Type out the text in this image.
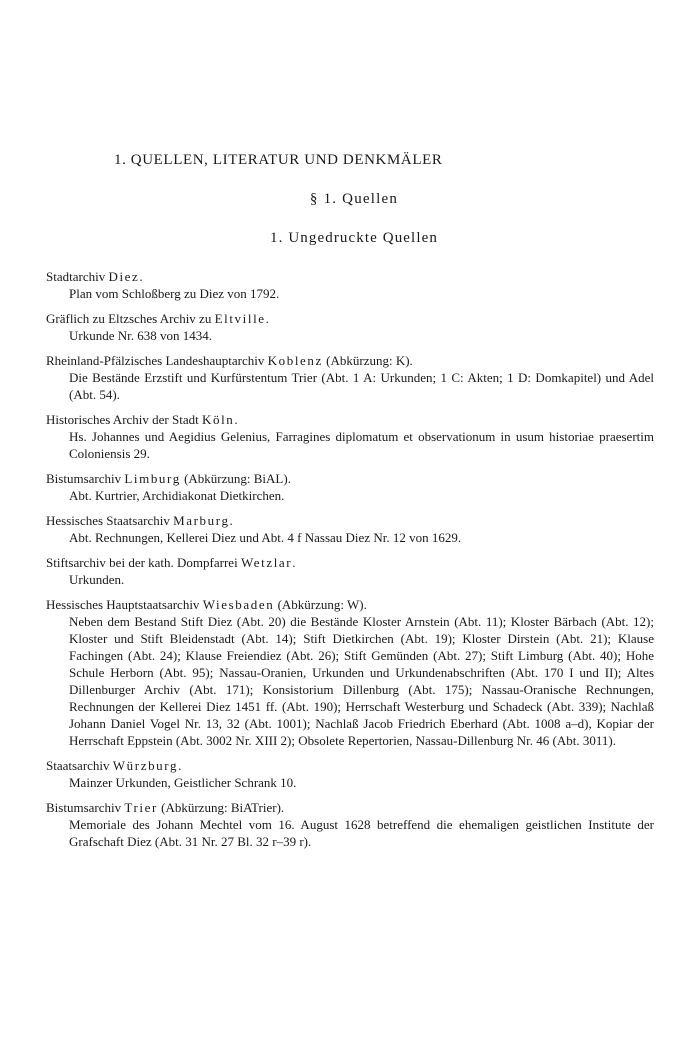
1. QUELLEN, LITERATUR UND DENKMÄLER
§ 1. Quellen
1. Ungedruckte Quellen
Stadtarchiv Diez.
Plan vom Schloßberg zu Diez von 1792.
Gräflich zu Eltzsches Archiv zu Eltville.
Urkunde Nr. 638 von 1434.
Rheinland-Pfälzisches Landeshauptarchiv Koblenz (Abkürzung: K).
Die Bestände Erzstift und Kurfürstentum Trier (Abt. 1 A: Urkunden; 1 C: Akten; 1 D: Domkapitel) und Adel (Abt. 54).
Historisches Archiv der Stadt Köln.
Hs. Johannes und Aegidius Gelenius, Farragines diplomatum et observationum in usum historiae praesertim Coloniensis 29.
Bistumsarchiv Limburg (Abkürzung: BiAL).
Abt. Kurtrier, Archidiakonat Dietkirchen.
Hessisches Staatsarchiv Marburg.
Abt. Rechnungen, Kellerei Diez und Abt. 4 f Nassau Diez Nr. 12 von 1629.
Stiftsarchiv bei der kath. Dompfarrei Wetzlar.
Urkunden.
Hessisches Hauptstaatsarchiv Wiesbaden (Abkürzung: W).
Neben dem Bestand Stift Diez (Abt. 20) die Bestände Kloster Arnstein (Abt. 11); Kloster Bärbach (Abt. 12); Kloster und Stift Bleidenstadt (Abt. 14); Stift Dietkirchen (Abt. 19); Kloster Dirstein (Abt. 21); Klause Fachingen (Abt. 24); Klause Freiendiez (Abt. 26); Stift Gemünden (Abt. 27); Stift Limburg (Abt. 40); Hohe Schule Herborn (Abt. 95); Nassau-Oranien, Urkunden und Urkundenabschriften (Abt. 170 I und II); Altes Dillenburger Archiv (Abt. 171); Konsistorium Dillenburg (Abt. 175); Nassau-Oranische Rechnungen, Rechnungen der Kellerei Diez 1451 ff. (Abt. 190); Herrschaft Westerburg und Schadeck (Abt. 339); Nachlaß Johann Daniel Vogel Nr. 13, 32 (Abt. 1001); Nachlaß Jacob Friedrich Eberhard (Abt. 1008 a–d), Kopiar der Herrschaft Eppstein (Abt. 3002 Nr. XIII 2); Obsolete Repertorien, Nassau-Dillenburg Nr. 46 (Abt. 3011).
Staatsarchiv Würzburg.
Mainzer Urkunden, Geistlicher Schrank 10.
Bistumsarchiv Trier (Abkürzung: BiATrier).
Memoriale des Johann Mechtel vom 16. August 1628 betreffend die ehemaligen geistlichen Institute der Grafschaft Diez (Abt. 31 Nr. 27 Bl. 32 r–39 r).
